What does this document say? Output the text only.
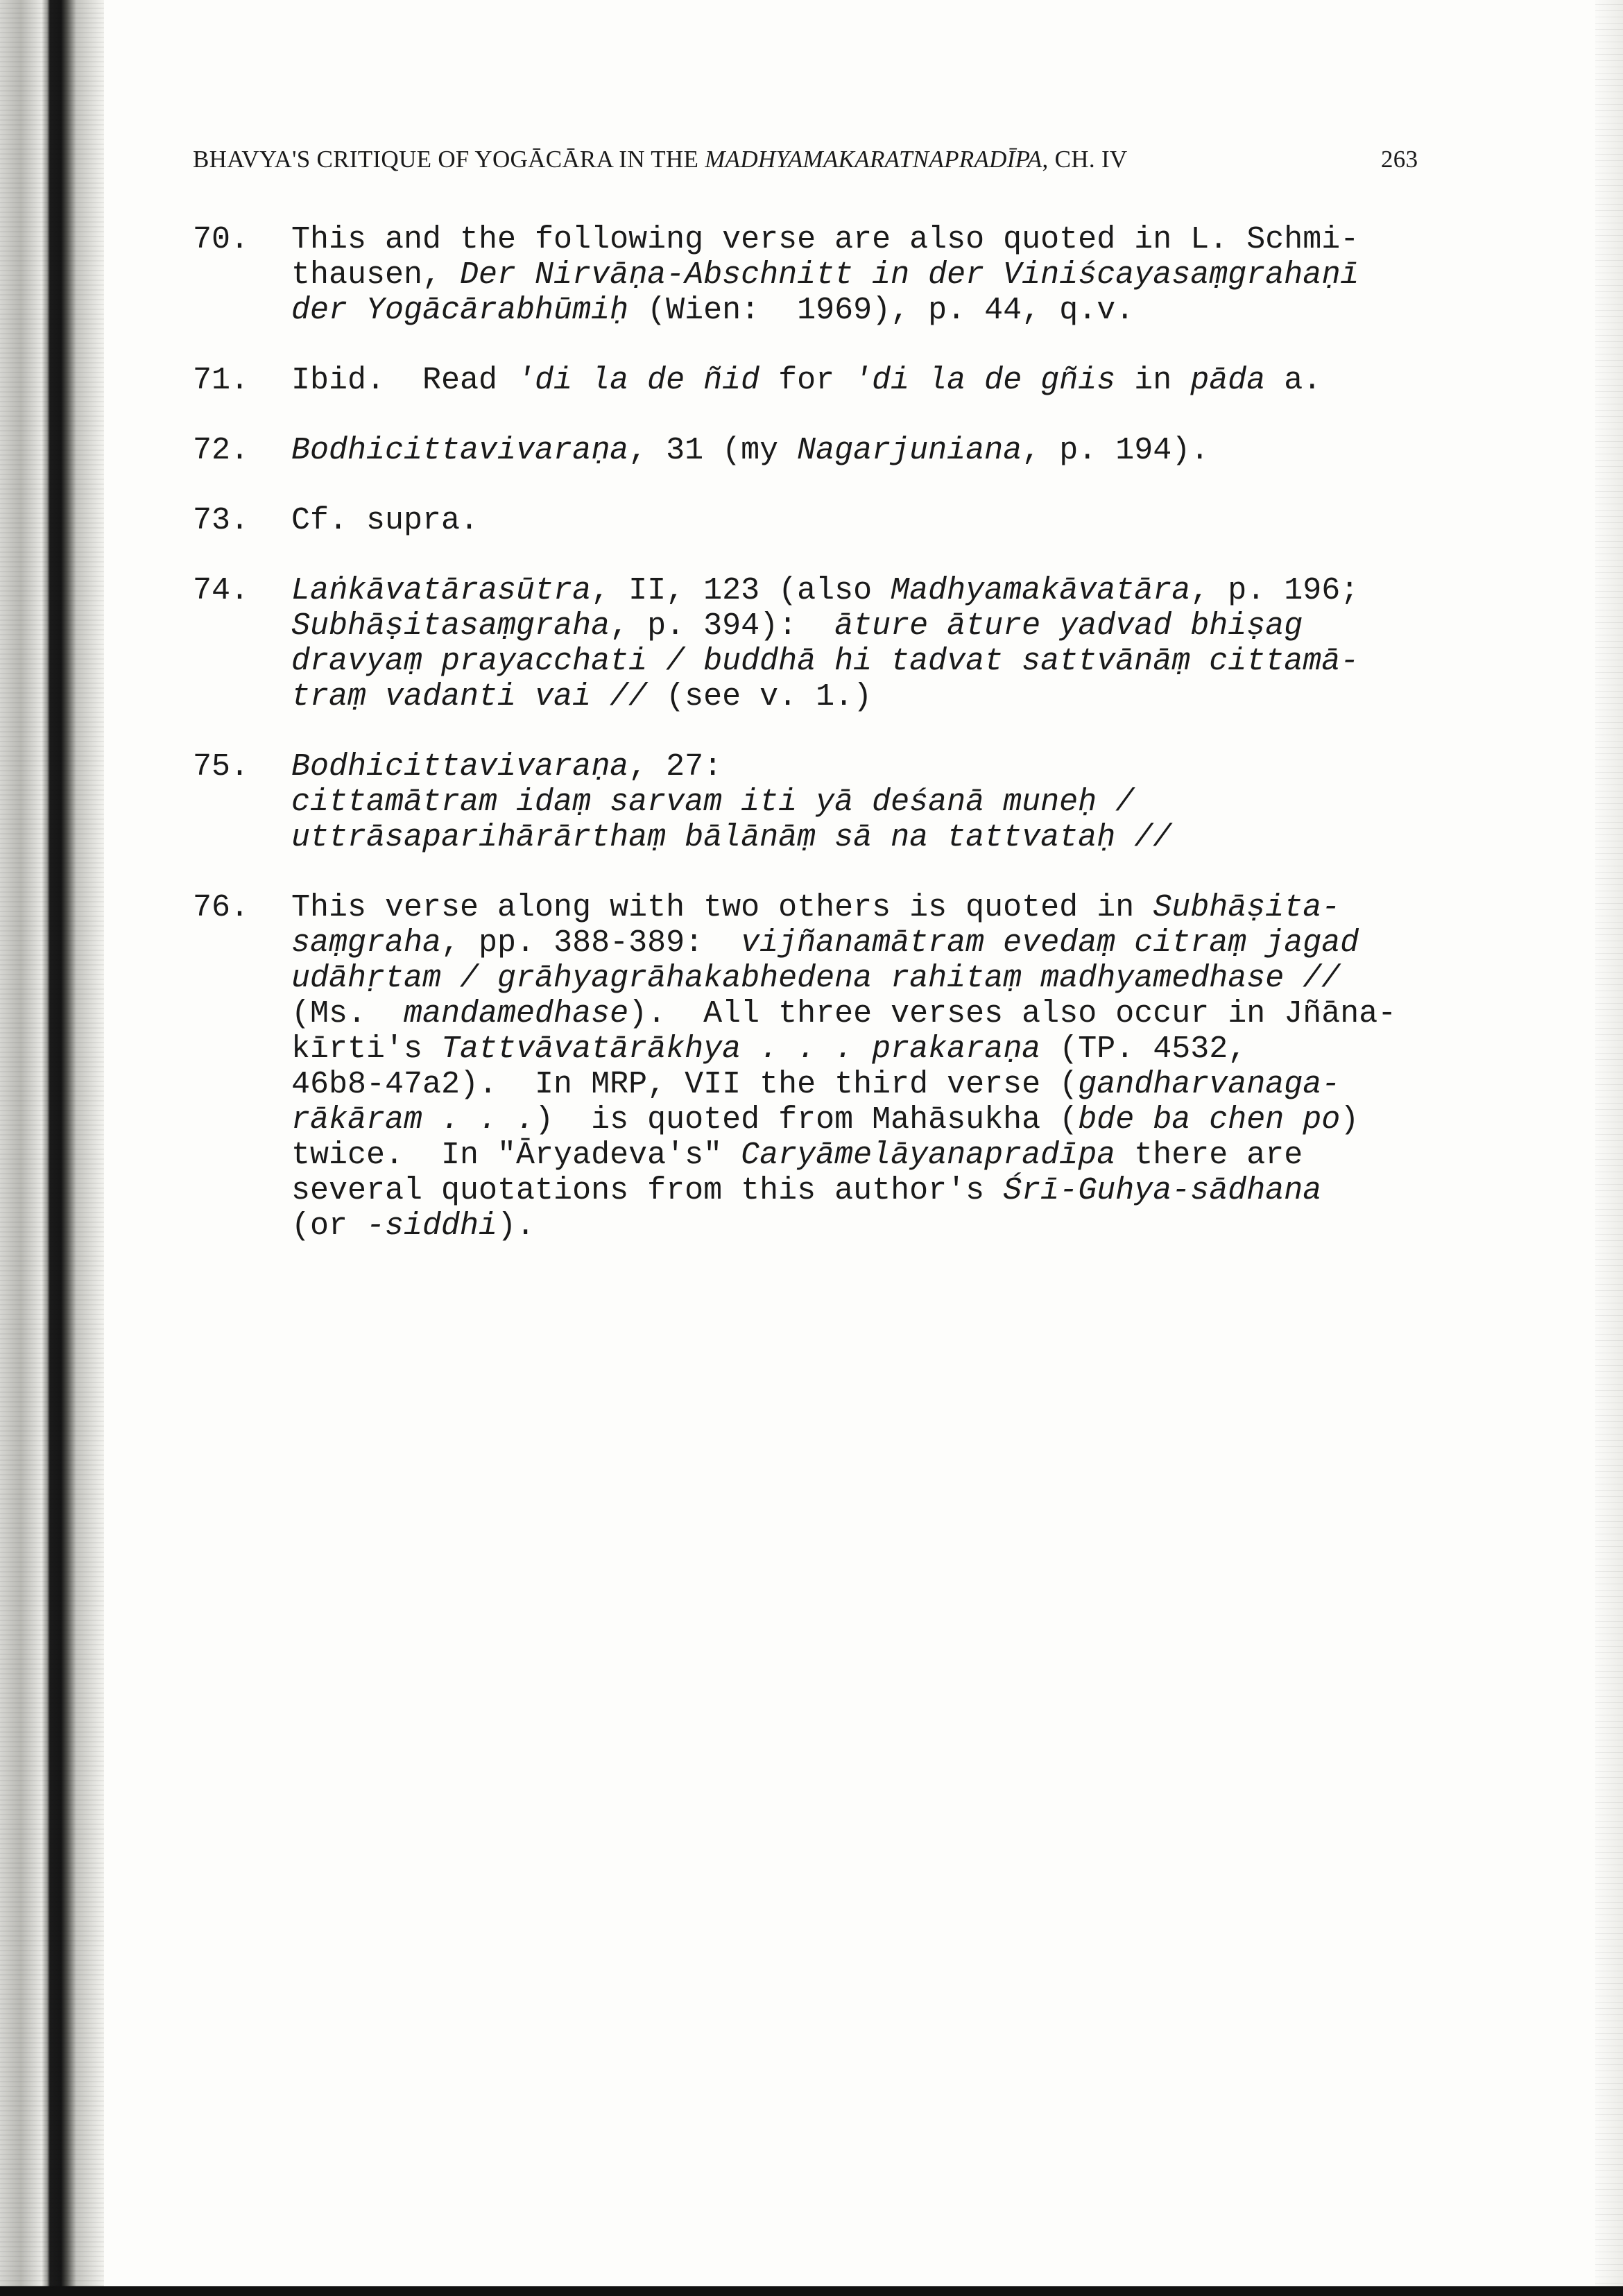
BHAVYA'S CRITIQUE OF YOGĀCĀRA IN THE MADHYAMAKARATNAPRADĪPA, CH. IV	263
70.	This and the following verse are also quoted in L. Schmi-
thausen, Der Nirvāṇa-Abschnitt in der Viniścayasaṃgrahaṇī
der Yogācārabhūmiḥ (Wien:  1969), p. 44, q.v.
71.	Ibid.  Read 'di la de ñid for 'di la de gñis in pāda a.
72.	Bodhicittavivaraṇa, 31 (my Nagarjuniana, p. 194).
73.	Cf. supra.
74.	Laṅkāvatārasūtra, II, 123 (also Madhyamakāvatāra, p. 196;
Subhāṣitasaṃgraha, p. 394):  āture āture yadvad bhiṣag
dravyaṃ prayacchati / buddhā hi tadvat sattvānāṃ cittamā-
traṃ vadanti vai // (see v. 1.)
75.	Bodhicittavivaraṇa, 27:
cittamātram idaṃ sarvam iti yā deśanā muneḥ /
uttrāsaparihārārthaṃ bālānāṃ sā na tattvataḥ //
76.	This verse along with two others is quoted in Subhāṣita-
saṃgraha, pp. 388-389:  vijñanamātram evedaṃ citraṃ jagad
udāhṛtam / grāhyagrāhakabhedena rahitaṃ madhyamedhase //
(Ms.  mandamedhase).  All three verses also occur in Jñāna-
kīrti's Tattvāvatārākhya . . . prakaraṇa (TP. 4532,
46b8-47a2).  In MRP, VII the third verse (gandharvanaga-
rākāram . . .)  is quoted from Mahāsukha (bde ba chen po)
twice.  In "Āryadeva's" Caryāmelāyanapradīpa there are
several quotations from this author's Śrī-Guhya-sādhana
(or -siddhi).
